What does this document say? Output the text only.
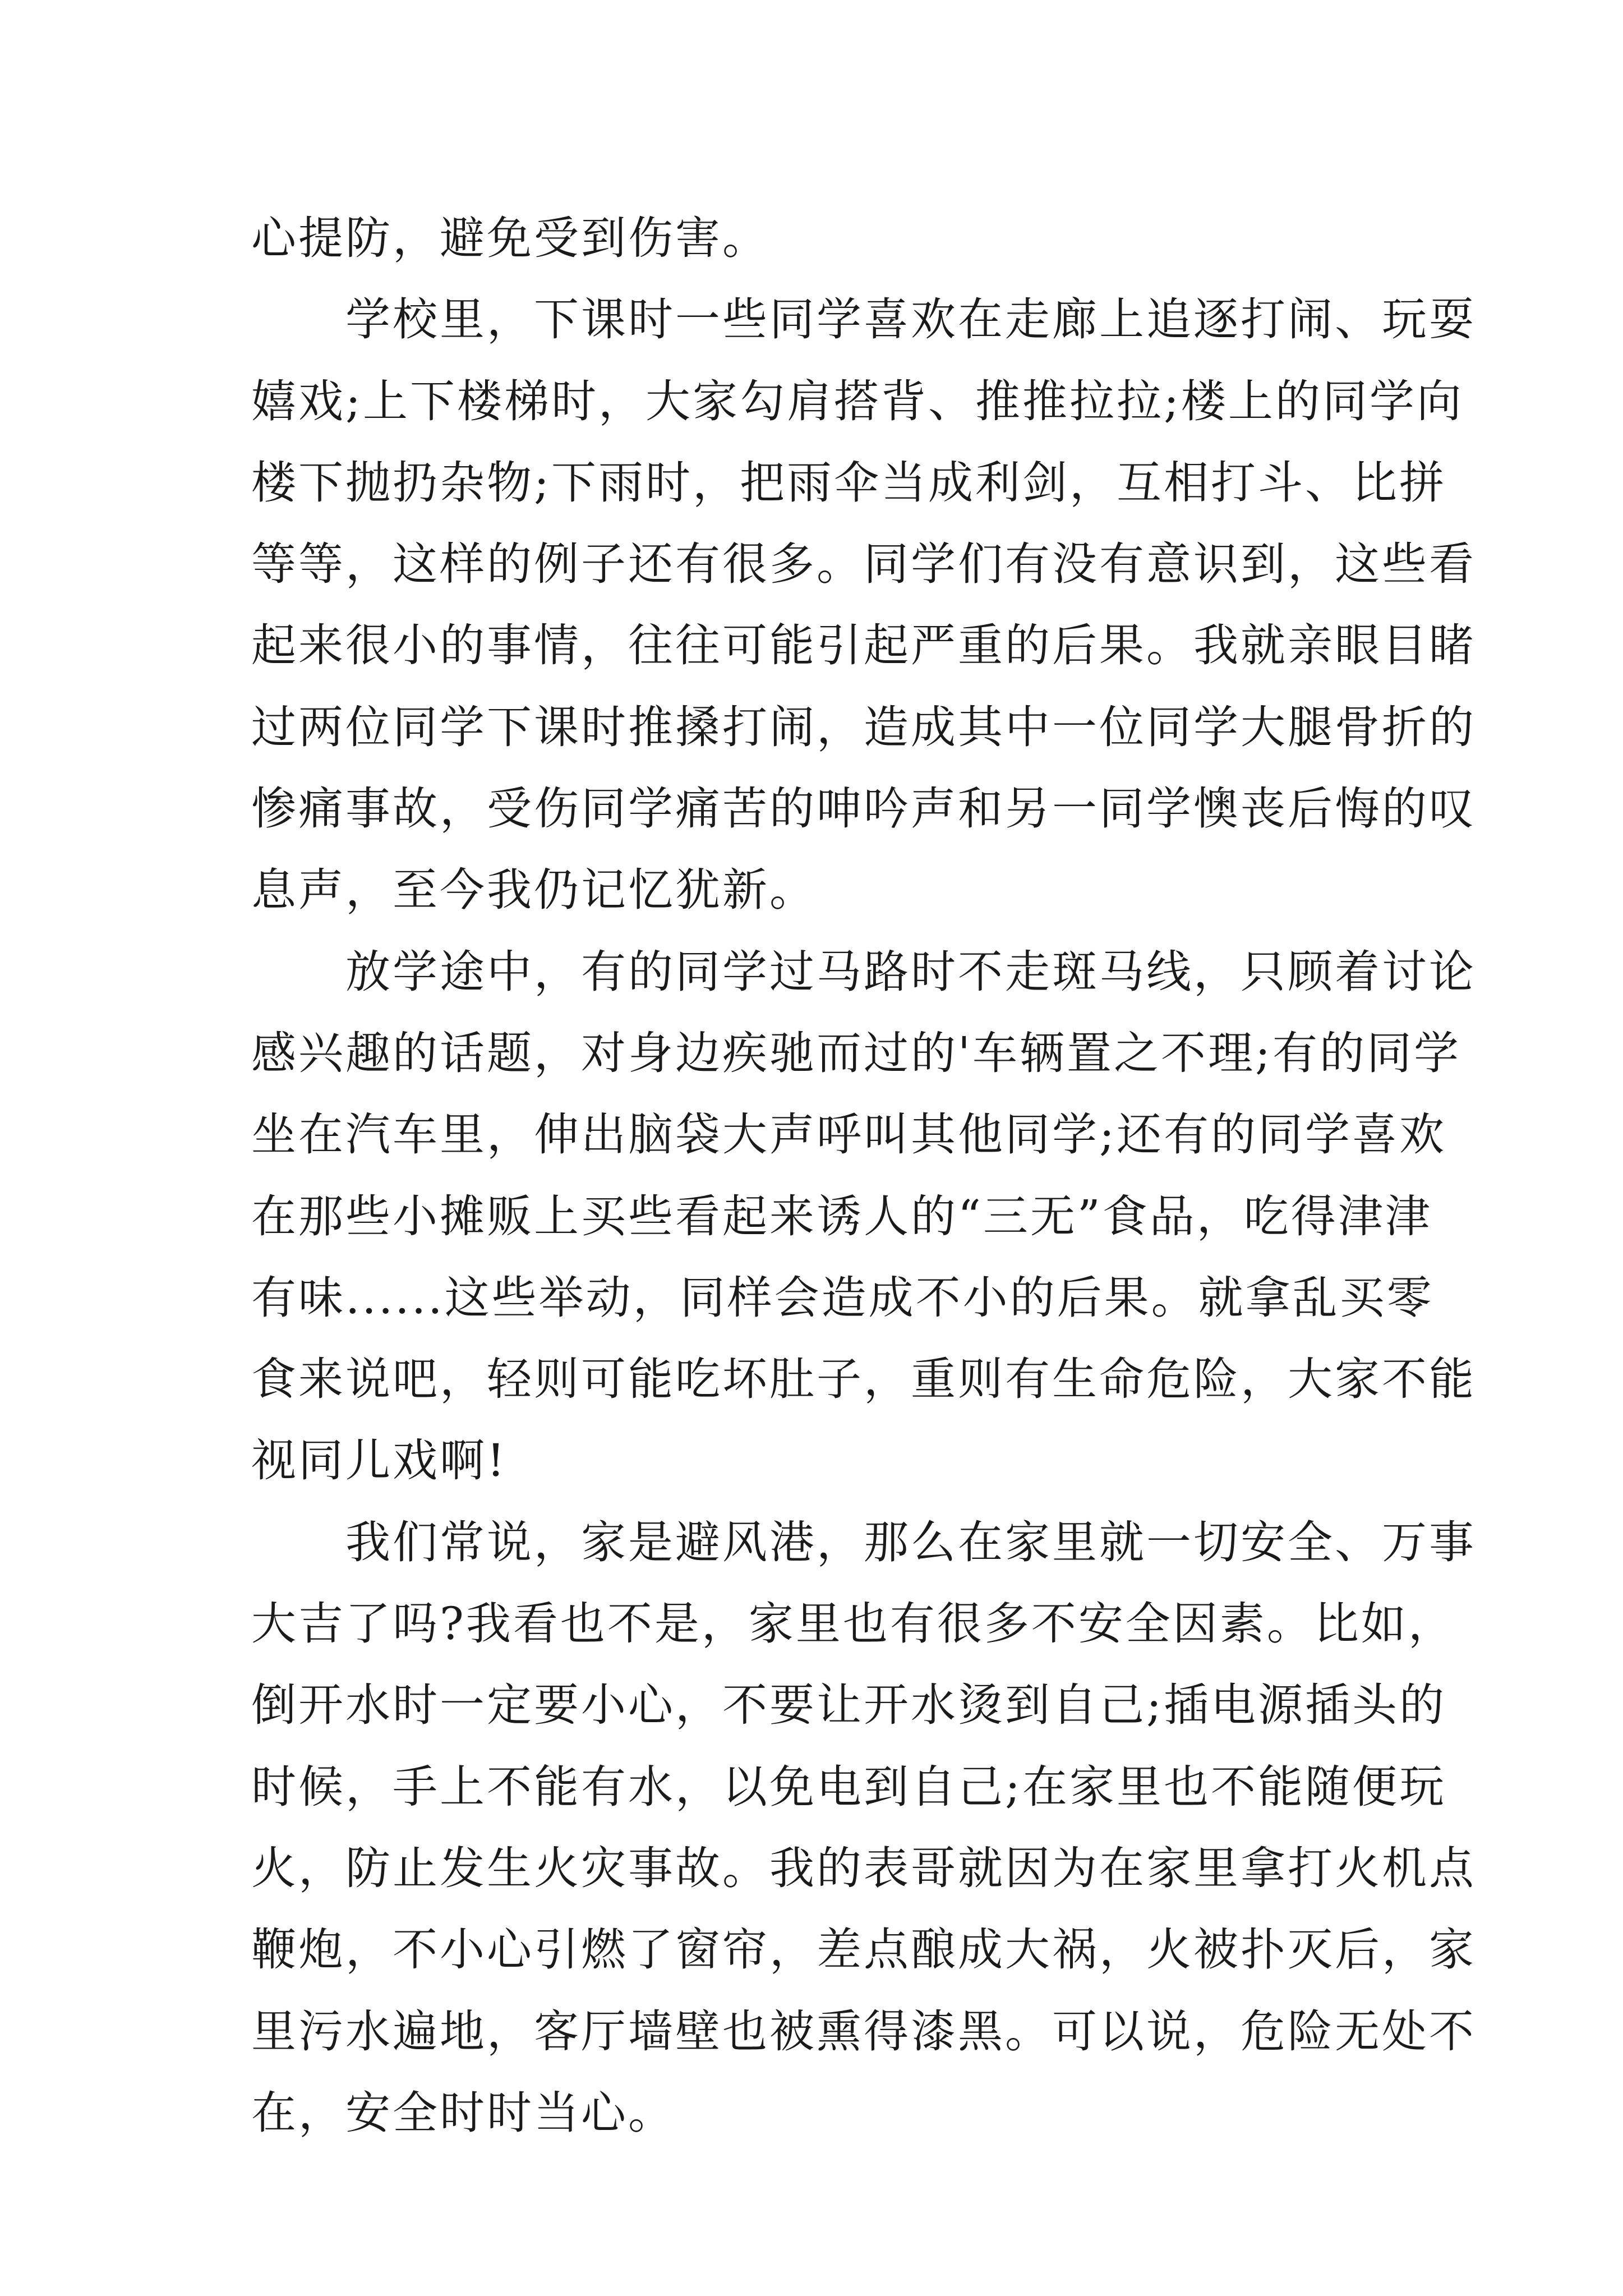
心提防，避免受到伤害。

　　学校里，下课时一些同学喜欢在走廊上追逐打闹、玩耍

嬉戏;上下楼梯时，大家勾肩搭背、推推拉拉;楼上的同学向

楼下抛扔杂物;下雨时，把雨伞当成利剑，互相打斗、比拼

等等，这样的例子还有很多。同学们有没有意识到，这些看

起来很小的事情，往往可能引起严重的后果。我就亲眼目睹

过两位同学下课时推搡打闹，造成其中一位同学大腿骨折的

惨痛事故，受伤同学痛苦的呻吟声和另一同学懊丧后悔的叹

息声，至今我仍记忆犹新。

　　放学途中，有的同学过马路时不走斑马线，只顾着讨论

感兴趣的话题，对身边疾驰而过的'车辆置之不理;有的同学

坐在汽车里，伸出脑袋大声呼叫其他同学;还有的同学喜欢

在那些小摊贩上买些看起来诱人的“三无”食品，吃得津津

有味......这些举动，同样会造成不小的后果。就拿乱买零

食来说吧，轻则可能吃坏肚子，重则有生命危险，大家不能

视同儿戏啊!

　　我们常说，家是避风港，那么在家里就一切安全、万事

大吉了吗?我看也不是，家里也有很多不安全因素。比如，

倒开水时一定要小心，不要让开水烫到自己;插电源插头的

时候，手上不能有水，以免电到自己;在家里也不能随便玩

火，防止发生火灾事故。我的表哥就因为在家里拿打火机点

鞭炮，不小心引燃了窗帘，差点酿成大祸，火被扑灭后，家

里污水遍地，客厅墙壁也被熏得漆黑。可以说，危险无处不

在，安全时时当心。
